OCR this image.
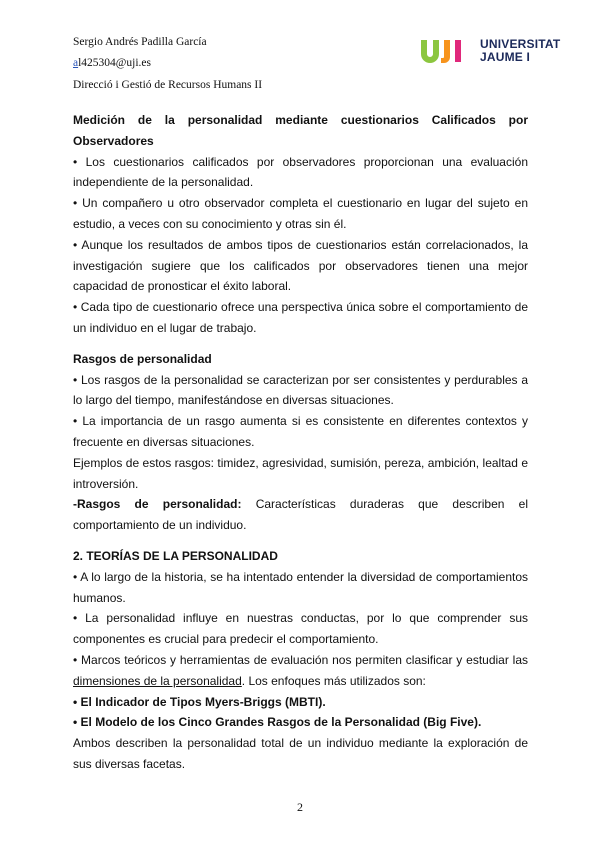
Sergio Andrés Padilla García
al425304@uji.es
Direcció i Gestió de Recursos Humans II
UNIVERSITAT
JAUME I

Medición de la personalidad mediante cuestionarios Calificados por Observadores

• Los cuestionarios calificados por observadores proporcionan una evaluación independiente de la personalidad.

• Un compañero u otro observador completa el cuestionario en lugar del sujeto en estudio, a veces con su conocimiento y otras sin él.

• Aunque los resultados de ambos tipos de cuestionarios están correlacionados, la investigación sugiere que los calificados por observadores tienen una mejor capacidad de pronosticar el éxito laboral.

• Cada tipo de cuestionario ofrece una perspectiva única sobre el comportamiento de un individuo en el lugar de trabajo.

Rasgos de personalidad

• Los rasgos de la personalidad se caracterizan por ser consistentes y perdurables a lo largo del tiempo, manifestándose en diversas situaciones.

• La importancia de un rasgo aumenta si es consistente en diferentes contextos y frecuente en diversas situaciones.

Ejemplos de estos rasgos: timidez, agresividad, sumisión, pereza, ambición, lealtad e introversión.

-Rasgos de personalidad: Características duraderas que describen el comportamiento de un individuo.

2. TEORÍAS DE LA PERSONALIDAD

• A lo largo de la historia, se ha intentado entender la diversidad de comportamientos humanos.

• La personalidad influye en nuestras conductas, por lo que comprender sus componentes es crucial para predecir el comportamiento.

• Marcos teóricos y herramientas de evaluación nos permiten clasificar y estudiar las dimensiones de la personalidad. Los enfoques más utilizados son:

• El Indicador de Tipos Myers-Briggs (MBTI).

• El Modelo de los Cinco Grandes Rasgos de la Personalidad (Big Five).

Ambos describen la personalidad total de un individuo mediante la exploración de sus diversas facetas.

2
